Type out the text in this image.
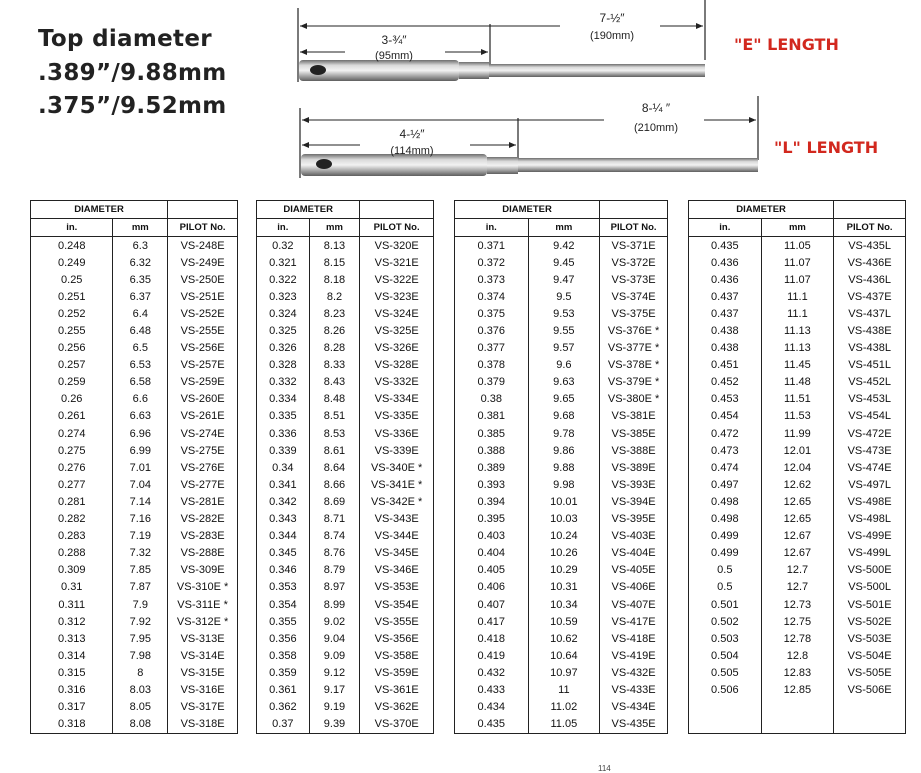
Top diameter
.389”/9.88mm
.375”/9.52mm
7-½″
(190mm)
3-¾″
(95mm)
8-¼ ″
(210mm)
4-½″
(114mm)
"E" LENGTH
"L" LENGTH
DIAMETER		
in.	mm	PILOT No.
0.248	6.3	VS-248E
0.249	6.32	VS-249E
0.25	6.35	VS-250E
0.251	6.37	VS-251E
0.252	6.4	VS-252E
0.255	6.48	VS-255E
0.256	6.5	VS-256E
0.257	6.53	VS-257E
0.259	6.58	VS-259E
0.26	6.6	VS-260E
0.261	6.63	VS-261E
0.274	6.96	VS-274E
0.275	6.99	VS-275E
0.276	7.01	VS-276E
0.277	7.04	VS-277E
0.281	7.14	VS-281E
0.282	7.16	VS-282E
0.283	7.19	VS-283E
0.288	7.32	VS-288E
0.309	7.85	VS-309E
0.31	7.87	VS-310E *
0.311	7.9	VS-311E *
0.312	7.92	VS-312E *
0.313	7.95	VS-313E
0.314	7.98	VS-314E
0.315	8	VS-315E
0.316	8.03	VS-316E
0.317	8.05	VS-317E
0.318	8.08	VS-318E
DIAMETER		
in.	mm	PILOT No.
0.32	8.13	VS-320E
0.321	8.15	VS-321E
0.322	8.18	VS-322E
0.323	8.2	VS-323E
0.324	8.23	VS-324E
0.325	8.26	VS-325E
0.326	8.28	VS-326E
0.328	8.33	VS-328E
0.332	8.43	VS-332E
0.334	8.48	VS-334E
0.335	8.51	VS-335E
0.336	8.53	VS-336E
0.339	8.61	VS-339E
0.34	8.64	VS-340E *
0.341	8.66	VS-341E *
0.342	8.69	VS-342E *
0.343	8.71	VS-343E
0.344	8.74	VS-344E
0.345	8.76	VS-345E
0.346	8.79	VS-346E
0.353	8.97	VS-353E
0.354	8.99	VS-354E
0.355	9.02	VS-355E
0.356	9.04	VS-356E
0.358	9.09	VS-358E
0.359	9.12	VS-359E
0.361	9.17	VS-361E
0.362	9.19	VS-362E
0.37	9.39	VS-370E
DIAMETER		
in.	mm	PILOT No.
0.371	9.42	VS-371E
0.372	9.45	VS-372E
0.373	9.47	VS-373E
0.374	9.5	VS-374E
0.375	9.53	VS-375E
0.376	9.55	VS-376E *
0.377	9.57	VS-377E *
0.378	9.6	VS-378E *
0.379	9.63	VS-379E *
0.38	9.65	VS-380E *
0.381	9.68	VS-381E
0.385	9.78	VS-385E
0.388	9.86	VS-388E
0.389	9.88	VS-389E
0.393	9.98	VS-393E
0.394	10.01	VS-394E
0.395	10.03	VS-395E
0.403	10.24	VS-403E
0.404	10.26	VS-404E
0.405	10.29	VS-405E
0.406	10.31	VS-406E
0.407	10.34	VS-407E
0.417	10.59	VS-417E
0.418	10.62	VS-418E
0.419	10.64	VS-419E
0.432	10.97	VS-432E
0.433	11	VS-433E
0.434	11.02	VS-434E
0.435	11.05	VS-435E
DIAMETER		
in.	mm	PILOT No.
0.435	11.05	VS-435L
0.436	11.07	VS-436E
0.436	11.07	VS-436L
0.437	11.1	VS-437E
0.437	11.1	VS-437L
0.438	11.13	VS-438E
0.438	11.13	VS-438L
0.451	11.45	VS-451L
0.452	11.48	VS-452L
0.453	11.51	VS-453L
0.454	11.53	VS-454L
0.472	11.99	VS-472E
0.473	12.01	VS-473E
0.474	12.04	VS-474E
0.497	12.62	VS-497L
0.498	12.65	VS-498E
0.498	12.65	VS-498L
0.499	12.67	VS-499E
0.499	12.67	VS-499L
0.5	12.7	VS-500E
0.5	12.7	VS-500L
0.501	12.73	VS-501E
0.502	12.75	VS-502E
0.503	12.78	VS-503E
0.504	12.8	VS-504E
0.505	12.83	VS-505E
0.506	12.85	VS-506E

114
